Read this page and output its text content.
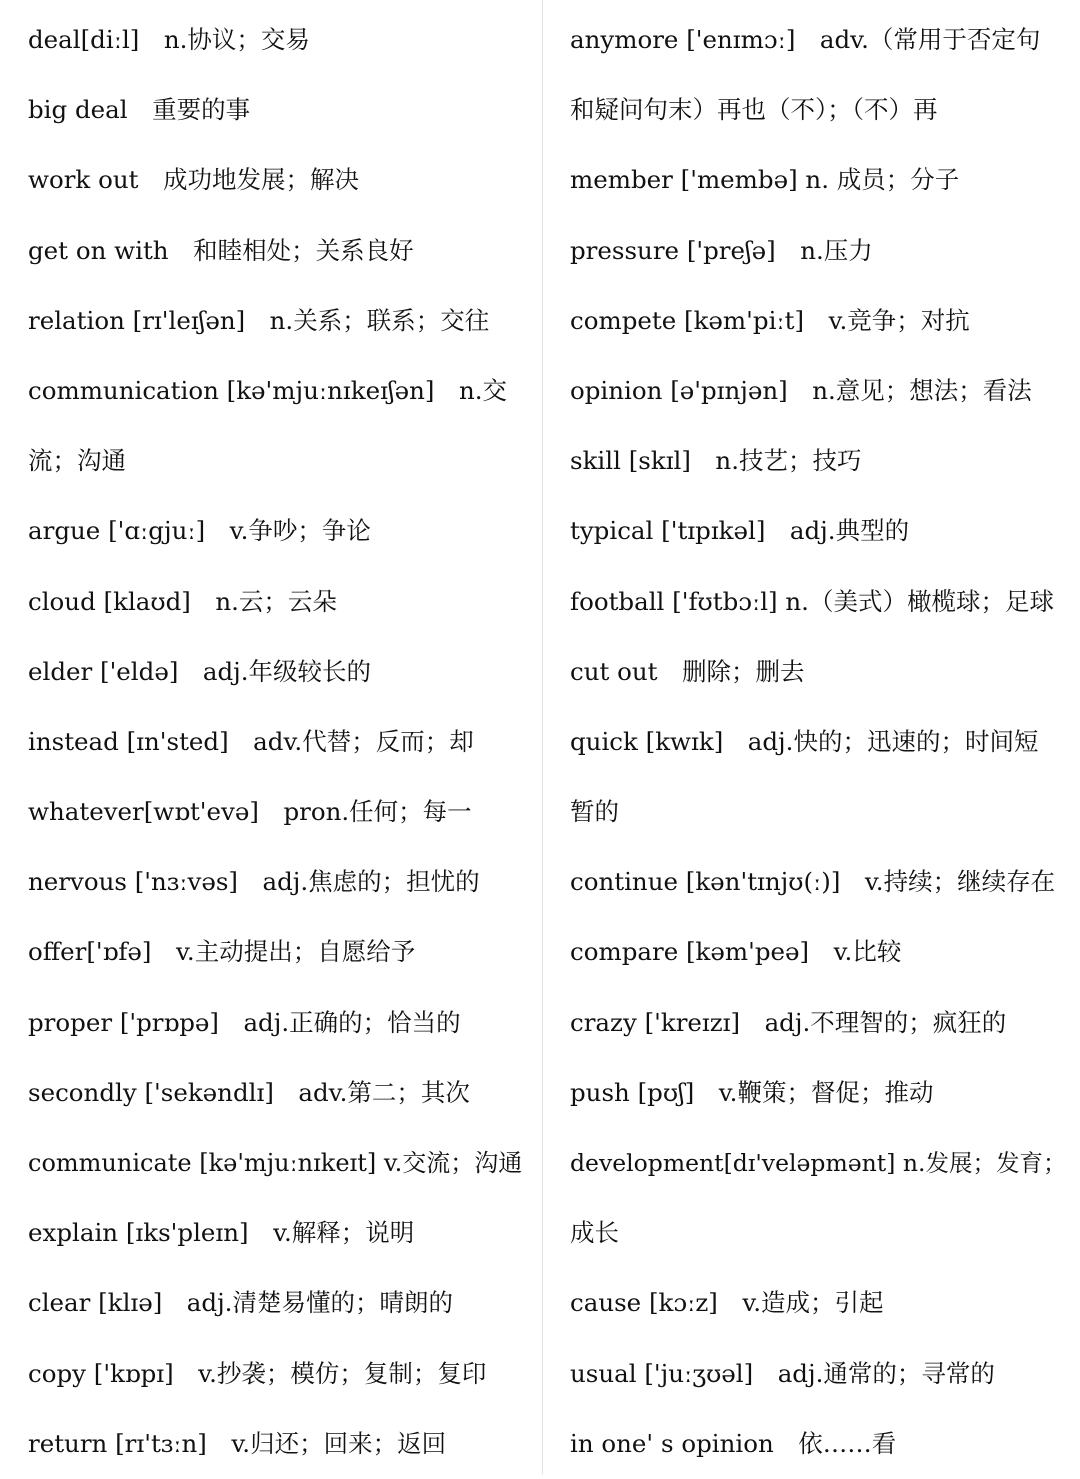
deal[diːl]　n.协议；交易
big deal　重要的事
work out　成功地发展；解决
get on with　和睦相处；关系良好
relation [rɪ'leɪʃən]　n.关系；联系；交往
communication [kə'mjuːnɪkeɪʃən]　n.交
流；沟通
argue ['ɑːgjuː]　v.争吵；争论
cloud [klaʊd]　n.云；云朵
elder ['eldə]　adj.年级较长的
instead [ɪn'sted]　adv.代替；反而；却
whatever[wɒt'evə]　pron.任何；每一
nervous ['nɜːvəs]　adj.焦虑的；担忧的
offer['ɒfə]　v.主动提出；自愿给予
proper ['prɒpə]　adj.正确的；恰当的
secondly ['sekəndlɪ]　adv.第二；其次
communicate [kə'mjuːnɪkeɪt] v.交流；沟通
explain [ɪks'pleɪn]　v.解释；说明
clear [klɪə]　adj.清楚易懂的；晴朗的
copy ['kɒpɪ]　v.抄袭；模仿；复制；复印
return [rɪ'tɜːn]　v.归还；回来；返回
anymore ['enɪmɔː]　adv.（常用于否定句
和疑问句末）再也（不）；（不）再
member ['membə] n. 成员；分子
pressure ['preʃə]　n.压力
compete [kəm'piːt]　v.竞争；对抗
opinion [ə'pɪnjən]　n.意见；想法；看法
skill [skɪl]　n.技艺；技巧
typical ['tɪpɪkəl]　adj.典型的
football ['fʊtbɔːl] n.（美式）橄榄球；足球
cut out　删除；删去
quick [kwɪk]　adj.快的；迅速的；时间短
暂的
continue [kən'tɪnjʊ(ː)]　v.持续；继续存在
compare [kəm'peə]　v.比较
crazy ['kreɪzɪ]　adj.不理智的；疯狂的
push [pʊʃ]　v.鞭策；督促；推动
development[dɪ'veləpmənt] n.发展；发育；
成长
cause [kɔːz]　v.造成；引起
usual ['juːʒʊəl]　adj.通常的；寻常的
in one' s opinion　依……看
